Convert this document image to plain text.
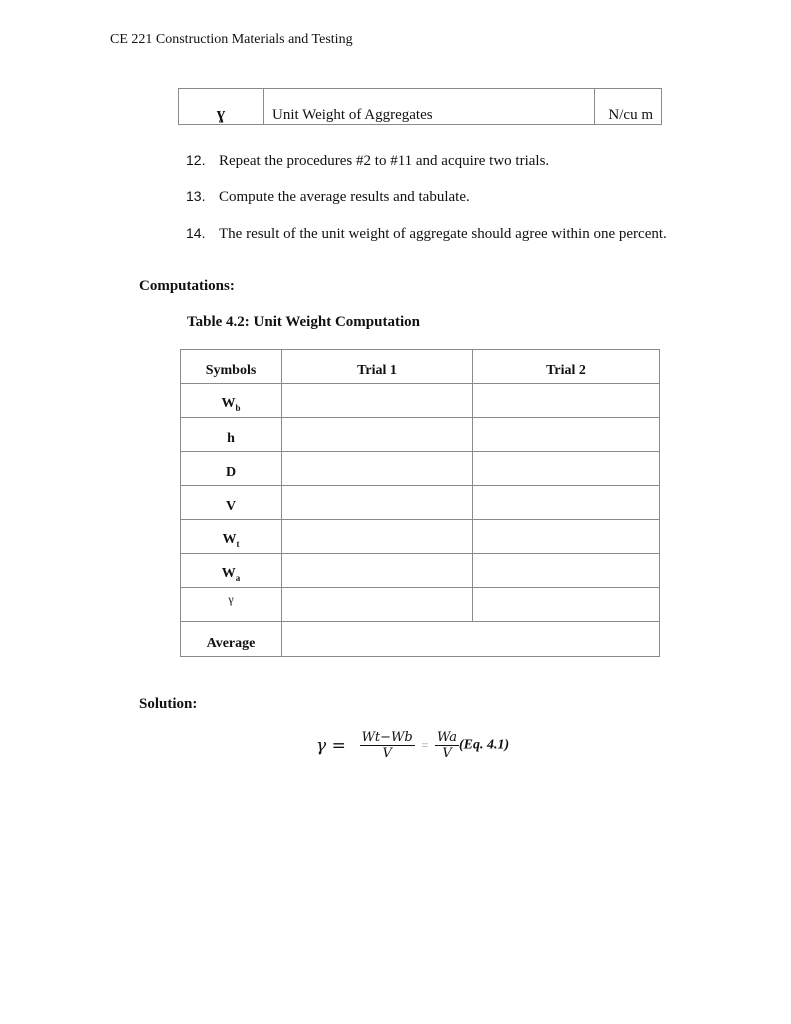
CE 221 Construction Materials and Testing
ɣ	Unit Weight of Aggregates	N/cu m
12. Repeat the procedures #2 to #11 and acquire two trials.
13. Compute the average results and tabulate.
14. The result of the unit weight of aggregate should agree within one percent.
Computations:
Table 4.2: Unit Weight Computation
Symbols	Trial 1	Trial 2
$W_b$		
h		
D		
V		
$W_t$		
$W_a$		
γ		
Average		
Solution:
$\gamma = \frac{Wt-Wb}{V} = \frac{Wa}{V} (Eq$. 4.1)
